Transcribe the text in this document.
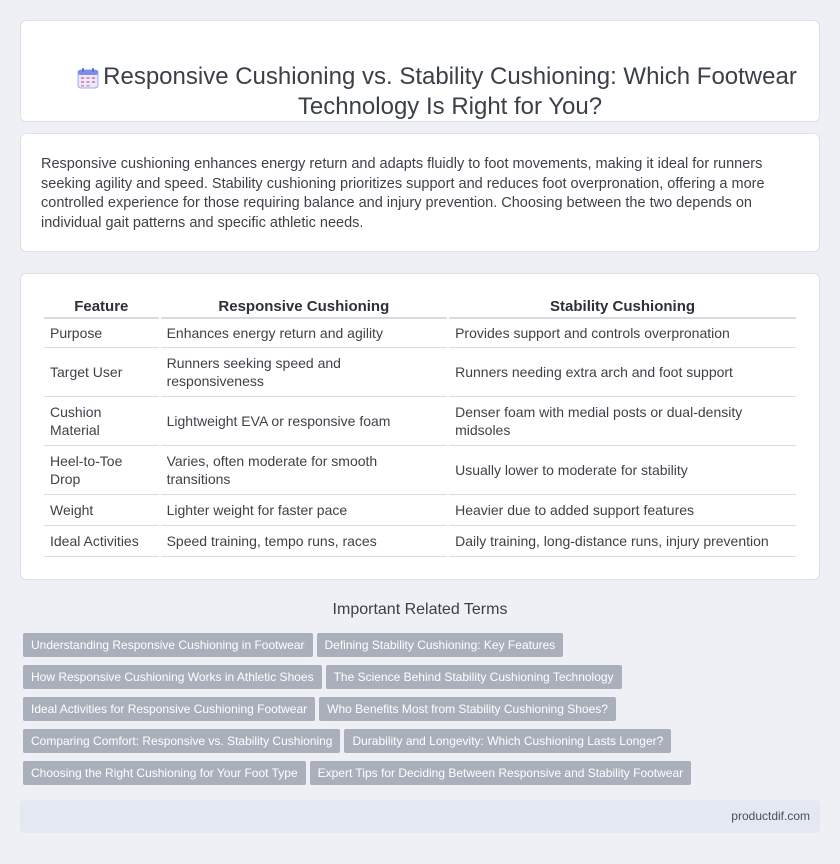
Responsive Cushioning vs. Stability Cushioning: Which Footwear Technology Is Right for You?

Responsive cushioning enhances energy return and adapts fluidly to foot movements, making it ideal for runners seeking agility and speed. Stability cushioning prioritizes support and reduces foot overpronation, offering a more controlled experience for those requiring balance and injury prevention. Choosing between the two depends on individual gait patterns and specific athletic needs.

Feature	Responsive Cushioning	Stability Cushioning
Purpose	Enhances energy return and agility	Provides support and controls overpronation
Target User	Runners seeking speed and responsiveness	Runners needing extra arch and foot support
Cushion Material	Lightweight EVA or responsive foam	Denser foam with medial posts or dual-density midsoles
Heel-to-Toe Drop	Varies, often moderate for smooth transitions	Usually lower to moderate for stability
Weight	Lighter weight for faster pace	Heavier due to added support features
Ideal Activities	Speed training, tempo runs, races	Daily training, long-distance runs, injury prevention
Important Related Terms
Understanding Responsive Cushioning in Footwear Defining Stability Cushioning: Key Features
How Responsive Cushioning Works in Athletic Shoes The Science Behind Stability Cushioning Technology
Ideal Activities for Responsive Cushioning Footwear Who Benefits Most from Stability Cushioning Shoes?
Comparing Comfort: Responsive vs. Stability Cushioning Durability and Longevity: Which Cushioning Lasts Longer?
Choosing the Right Cushioning for Your Foot Type Expert Tips for Deciding Between Responsive and Stability Footwear
productdif.com
